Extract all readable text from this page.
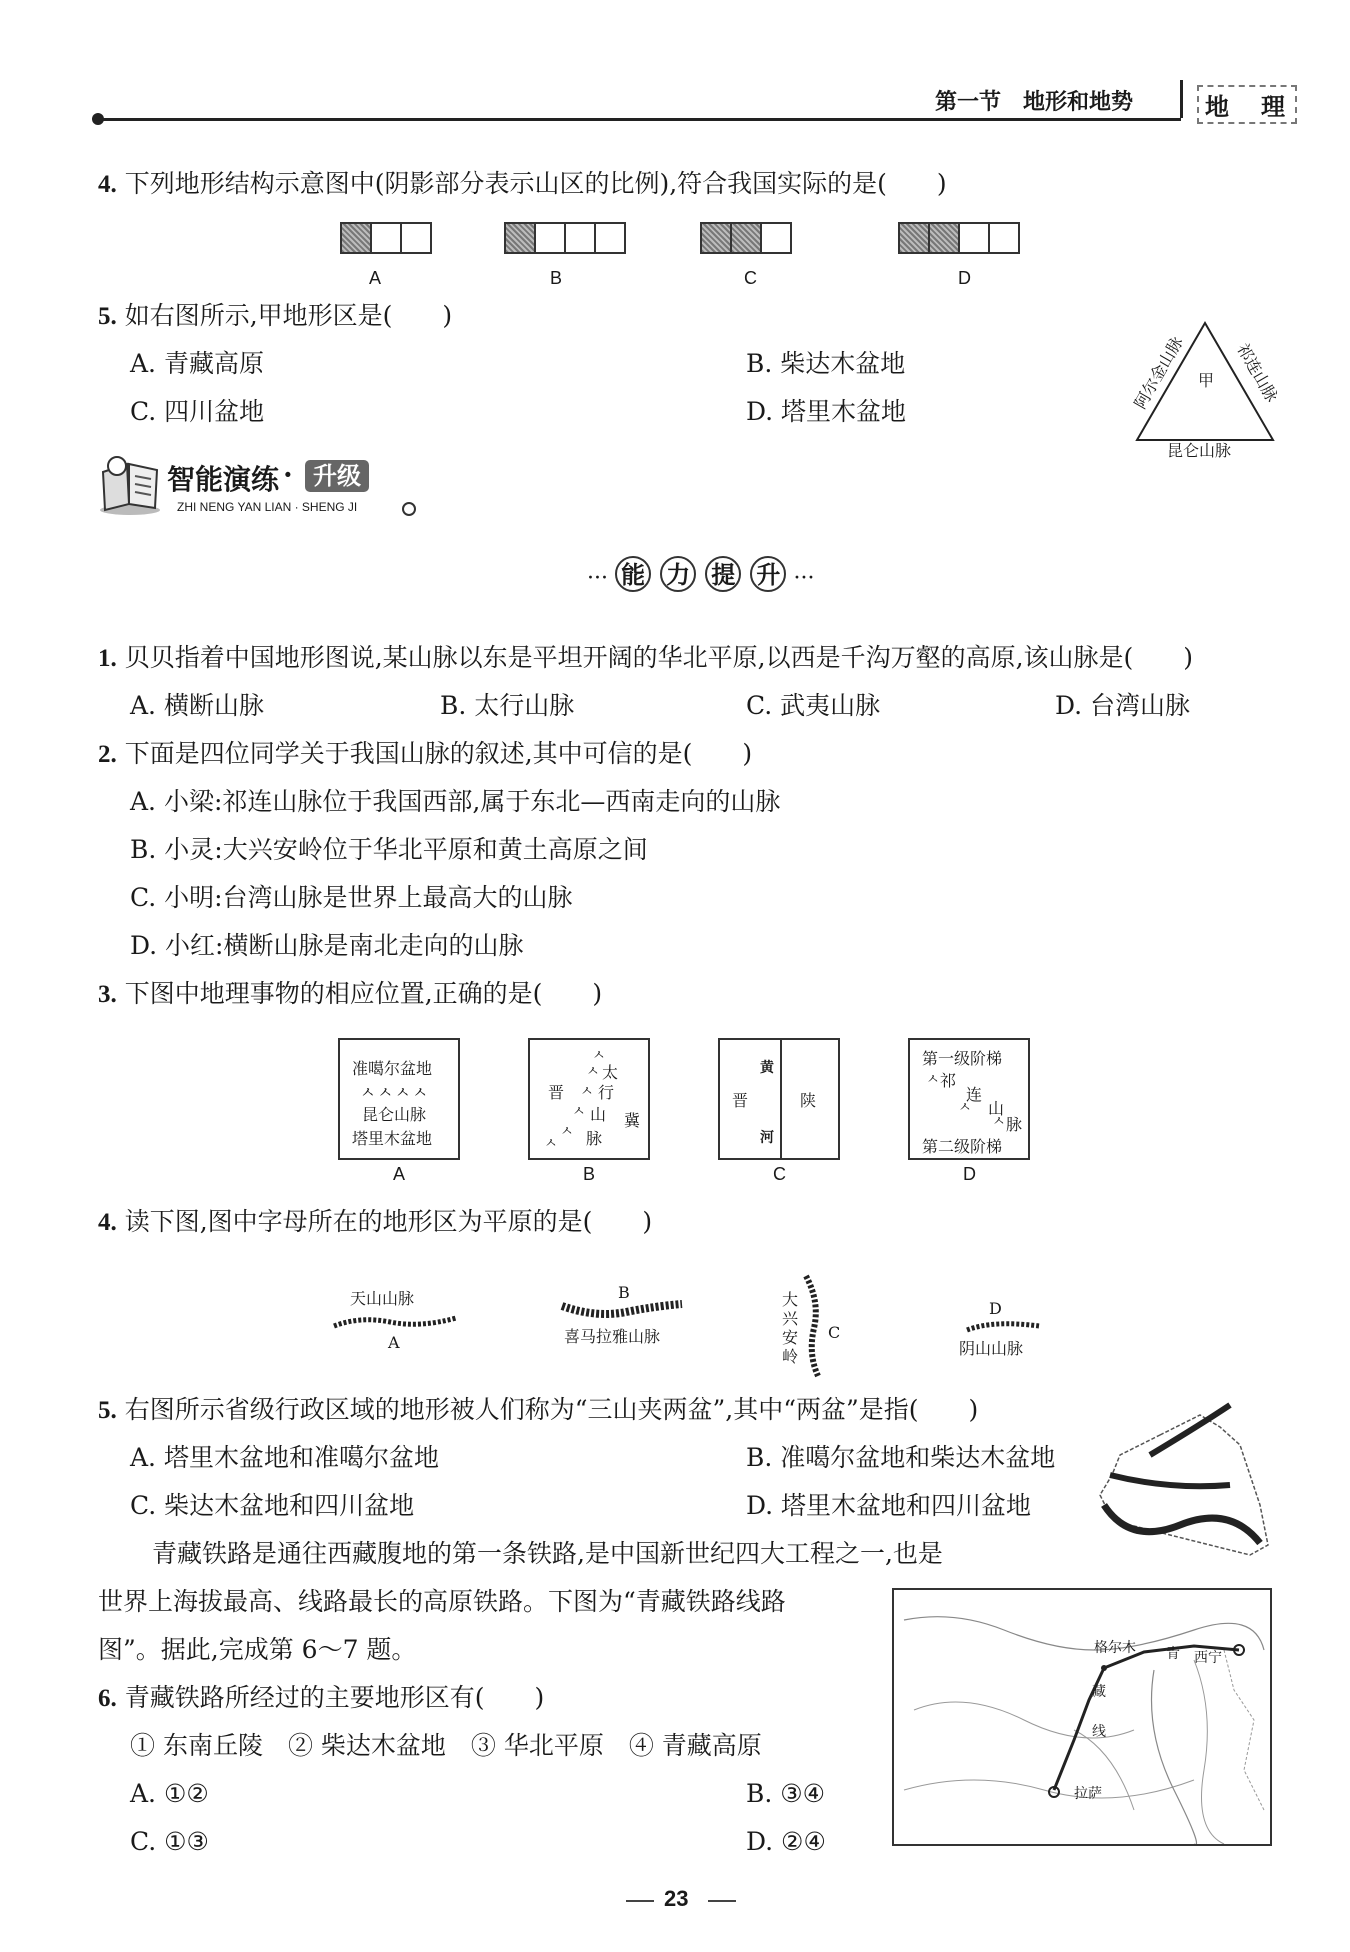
第一节　地形和地势	地　理
4. 下列地形结构示意图中(阴影部分表示山区的比例),符合我国实际的是(　　)
A	B	C	D
5. 如右图所示,甲地形区是(　　)
A. 青藏高原	B. 柴达木盆地
C. 四川盆地	D. 塔里木盆地
甲
阿尔金山脉	祁连山脉
昆仑山脉
智能演练 · 升级
ZHI NENG YAN LIAN · SHENG JI
··· 能 力 提 升 ···
1. 贝贝指着中国地形图说,某山脉以东是平坦开阔的华北平原,以西是千沟万壑的高原,该山脉是(　　)
A. 横断山脉	B. 太行山脉	C. 武夷山脉	D. 台湾山脉
2. 下面是四位同学关于我国山脉的叙述,其中可信的是(　　)
A. 小梁:祁连山脉位于我国西部,属于东北—西南走向的山脉
B. 小灵:大兴安岭位于华北平原和黄土高原之间
C. 小明:台湾山脉是世界上最高大的山脉
D. 小红:横断山脉是南北走向的山脉
3. 下图中地理事物的相应位置,正确的是(　　)
准噶尔盆地
ㅅㅅㅅㅅ
昆仑山脉
塔里木盆地
A
ㅅ
太
ㅅ
晋 行
ㅅ
山
ㅅ 冀
ㅅ 脉
ㅅ
B
黄
晋	陕
河
C
第一级阶梯
ㅅ 祁
连
ㅅ 山
ㅅ 脉
第二级阶梯
D
4. 读下图,图中字母所在的地形区为平原的是(　　)
天山山脉
A
B
喜马拉雅山脉
大兴安岭
C
D
阴山山脉
5. 右图所示省级行政区域的地形被人们称为“三山夹两盆”,其中“两盆”是指(　　)
A. 塔里木盆地和准噶尔盆地	B. 准噶尔盆地和柴达木盆地
C. 柴达木盆地和四川盆地	D. 塔里木盆地和四川盆地
青藏铁路是通往西藏腹地的第一条铁路,是中国新世纪四大工程之一,也是
世界上海拔最高、线路最长的高原铁路。下图为“青藏铁路线路
图”。据此,完成第 6～7 题。	格尔木 青 西宁
藏
线
拉萨
6. 青藏铁路所经过的主要地形区有(　　)
① 东南丘陵　② 柴达木盆地　③ 华北平原　④ 青藏高原
A. ①②	B. ③④
C. ①③	D. ②④
23
